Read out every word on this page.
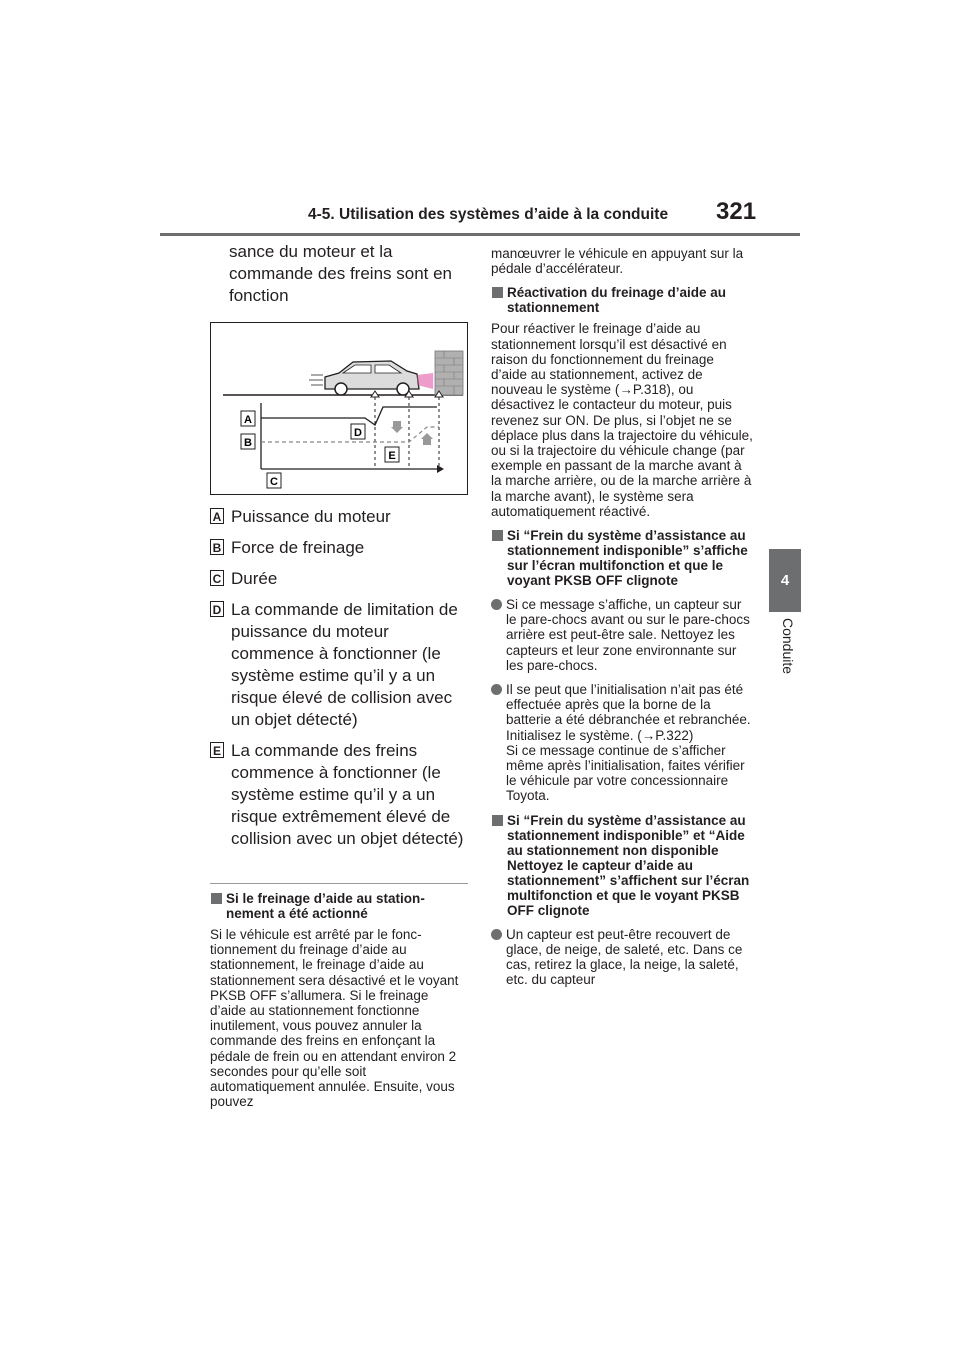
4-5. Utilisation des systèmes d’aide à la conduite 321
4
Conduite
sance du moteur et la commande des freins sont en fonction
A
B
C
D
E
A Puissance du moteur
B Force de freinage
C Durée
D La commande de limitation de puissance du moteur commence à fonctionner (le système estime qu’il y a un risque élevé de collision avec un objet détecté)
E La commande des freins commence à fonctionner (le système estime qu’il y a un risque extrêmement élevé de collision avec un objet détecté)
Si le freinage d’aide au stationnement a été actionné
Si le véhicule est arrêté par le fonctionnement du freinage d’aide au stationnement, le freinage d’aide au stationnement sera désactivé et le voyant PKSB OFF s’allumera. Si le freinage d’aide au stationnement fonctionne inutilement, vous pouvez annuler la commande des freins en enfonçant la pédale de frein ou en attendant environ 2 secondes pour qu’elle soit automatiquement annulée. Ensuite, vous pouvez
manœuvrer le véhicule en appuyant sur la pédale d’accélérateur.
Réactivation du freinage d’aide au stationnement
Pour réactiver le freinage d’aide au stationnement lorsqu’il est désactivé en raison du fonctionnement du freinage d’aide au stationnement, activez de nouveau le système (→P.318), ou désactivez le contacteur du moteur, puis revenez sur ON. De plus, si l’objet ne se déplace plus dans la trajectoire du véhicule, ou si la trajectoire du véhicule change (par exemple en passant de la marche avant à la marche arrière, ou de la marche arrière à la marche avant), le système sera automatiquement réactivé.
Si “Frein du système d’assistance au stationnement indisponible” s’affiche sur l’écran multifonction et que le voyant PKSB OFF clignote
Si ce message s’affiche, un capteur sur le pare-chocs avant ou sur le pare-chocs arrière est peut-être sale. Nettoyez les capteurs et leur zone environnante sur les pare-chocs.
Il se peut que l’initialisation n’ait pas été effectuée après que la borne de la batterie a été débranchée et rebranchée. Initialisez le système. (→P.322)
Si ce message continue de s’afficher même après l’initialisation, faites vérifier le véhicule par votre concessionnaire Toyota.
Si “Frein du système d’assistance au stationnement indisponible” et “Aide au stationnement non disponible Nettoyez le capteur d’aide au stationnement” s’affichent sur l’écran multifonction et que le voyant PKSB OFF clignote
Un capteur est peut-être recouvert de glace, de neige, de saleté, etc. Dans ce cas, retirez la glace, la neige, la saleté, etc. du capteur
